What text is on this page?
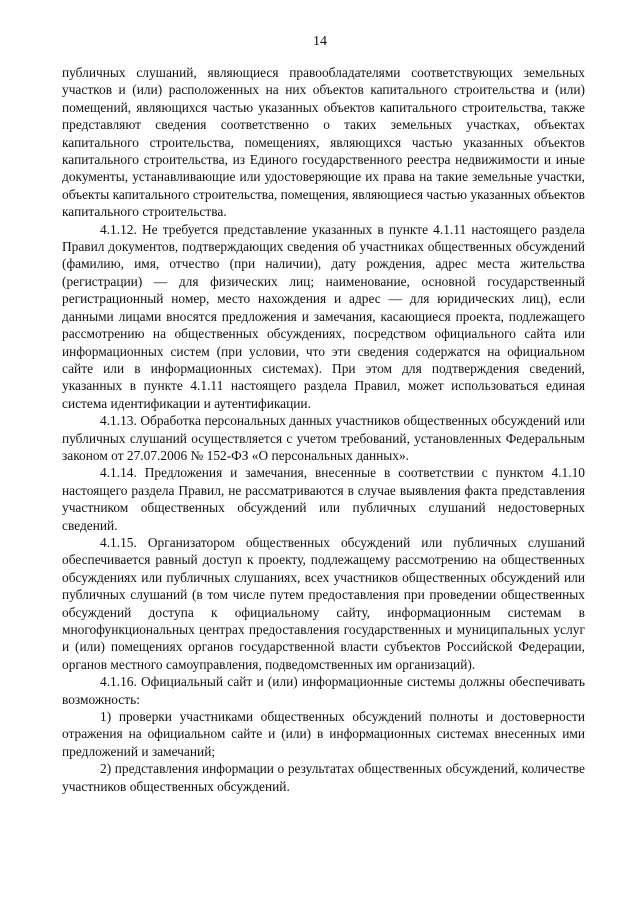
14

публичных слушаний, являющиеся правообладателями соответствующих земельных участков и (или) расположенных на них объектов капитального строительства и (или) помещений, являющихся частью указанных объектов капитального строительства, также представляют сведения соответственно о таких земельных участках, объектах капитального строительства, помещениях, являющихся частью указанных объектов капитального строительства, из Единого государственного реестра недвижимости и иные документы, устанавливающие или удостоверяющие их права на такие земельные участки, объекты капитального строительства, помещения, являющиеся частью указанных объектов капитального строительства.

4.1.12. Не требуется представление указанных в пункте 4.1.11 настоящего раздела Правил документов, подтверждающих сведения об участниках общественных обсуждений (фамилию, имя, отчество (при наличии), дату рождения, адрес места жительства (регистрации) — для физических лиц; наименование, основной государственный регистрационный номер, место нахождения и адрес — для юридических лиц), если данными лицами вносятся предложения и замечания, касающиеся проекта, подлежащего рассмотрению на общественных обсуждениях, посредством официального сайта или информационных систем (при условии, что эти сведения содержатся на официальном сайте или в информационных системах). При этом для подтверждения сведений, указанных в пункте 4.1.11 настоящего раздела Правил, может использоваться единая система идентификации и аутентификации.

4.1.13. Обработка персональных данных участников общественных обсуждений или публичных слушаний осуществляется с учетом требований, установленных Федеральным законом от 27.07.2006 № 152-ФЗ «О персональных данных».

4.1.14. Предложения и замечания, внесенные в соответствии с пунктом 4.1.10 настоящего раздела Правил, не рассматриваются в случае выявления факта представления участником общественных обсуждений или публичных слушаний недостоверных сведений.

4.1.15. Организатором общественных обсуждений или публичных слушаний обеспечивается равный доступ к проекту, подлежащему рассмотрению на общественных обсуждениях или публичных слушаниях, всех участников общественных обсуждений или публичных слушаний (в том числе путем предоставления при проведении общественных обсуждений доступа к официальному сайту, информационным системам в многофункциональных центрах предоставления государственных и муниципальных услуг и (или) помещениях органов государственной власти субъектов Российской Федерации, органов местного самоуправления, подведомственных им организаций).

4.1.16. Официальный сайт и (или) информационные системы должны обеспечивать возможность:

1) проверки участниками общественных обсуждений полноты и достоверности отражения на официальном сайте и (или) в информационных системах внесенных ими предложений и замечаний;

2) представления информации о результатах общественных обсуждений, количестве участников общественных обсуждений.
